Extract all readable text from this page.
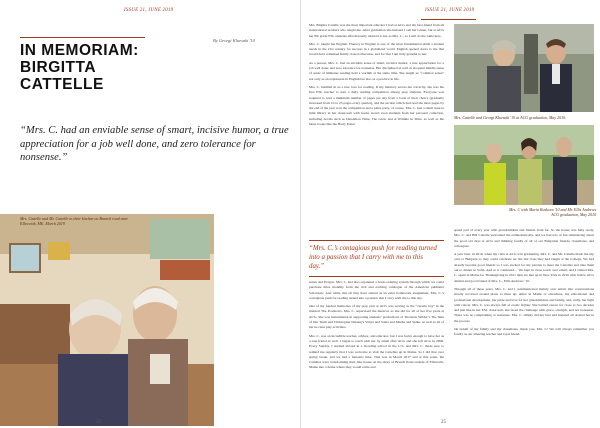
ISSUE 21, JUNE 2019
By Georgi Kluesnki '10
IN MEMORIAM: BIRGITTA CATTELLE
“Mrs. C. had an enviable sense of smart, incisive humor, a true appreciation for a job well done, and zero tolerance for nonsense.”
Mrs. Cattelle and Mr. Cattelle in their kitchen on Branch road near Ellsworth, ME, March 2019
24
ISSUE 21, JUNE 2019

Mrs. Birgitta Cattelle was the most important educator I had at ACG and my best friend from all international teachers who taught me. After graduation she insisted I call her Gitten, but at ACG her 8th grade ESL students affectionately referred to her as Mrs. C., so I will do the same here.

Mrs. C. taught me English. Fluency in English is one of the most fundamental skills a student needs in the 21st century for success in a globalized world. English opened doors to me that would have remained firmly closed otherwise, and for that I am truly grateful to her.

As a person, Mrs. C. had an enviable sense of smart, incisive humor, a true appreciation for a job well done, and zero tolerance for nonsense. Her disciplined as well as eloquent middle sense of sense of immense reading held a warmth at the same time. She taught us “common sense” not only as an expression in English but also as a practice in life.

Mrs. C. instilled in us a true love for reading. If my memory serves me correctly, she was the first ESL teacher to start a daily reading competition among prep students. Everyone was required to read a minimum number of pages per day from a book of their choice (gradually increased from 10 to 25 pages every quarter), and the section which had read the most pages by the end of the year won the competition and a pizza party, of course. Mrs. C. had a small reserve mini library in her classroom with books stored even students from her personal collection, including novels such as Dandelion Wine, The Giver and A Wrinkle in Time, as well as the latest books like the Harry Potter

Mrs. Cattelle and Georgi Kluesnki '10 at ACG graduation, May 2010.
Mrs. C with Maria Ruskova '10 and Mr. Ellis Andrews ACG graduation, May 2010

spend part of every year with grandchildren and friends from far. So the house was fully ready, Mrs. C. and Bill Cattelle welcomed me enthusiastically, and we had lots of fun reminiscing about the good old days at ACG and thinking fondly of all of our Bulgarian friends, classmates, and colleagues.

A year later, in 2010, when my class at ACG was graduating, Mrs. C. and Mr. Cattelle made the trip over to Bulgaria so they could celebrate us: the last class they had taught at the College. We had already become good friends so I was excited for my parents to meet the Cattelles and take them out to dinner in Sofia. And so it continued… We kept in close touch over email, and I visited Mrs. C. again in Maine for Thanksgiving in 2011 then we met up in New York in 2016 with fellow ACG alumni and good friend of Mrs. C., Ellis Andrews ’10.

Through all of these years, Mrs. C. and I communicated mainly over email. Our conversations mostly revolved around plans to meet up, either in Maine or elsewhere, my educational and professional development, her pride and love for her grandchildren and family, and, sadly, her fight with cancer. Mrs. C. was always full of exotic fighter. She battled cancer for close to two decades and just like in her ESL classroom, she faced the challenge with grace, strength, and not nonsense. There was no complaining or nonsense. Mrs. C. simply did her best and inspired all around her in the process.

On behalf of my family and my classmates, thank you, Mrs. C! We will always remember you fondly as our amazing teacher and loyal friend.

“Mrs. C.’s contagious push for reading turned into a passion that I carry with me to this day.”

series and Eragon. Mrs. C. had also organized a book-ordering system through which we could purchase titles monthly from the rich and exciting catalogue of the American publisher Scholastic. And while this all may have started as an extra homework assignment, Mrs. C.’s contagious push for reading turned into a passion that I carry with me to this day.

One of my fondest memories of my prep year at ACG was serving as the “curtain boy” in the musical The Producers. Mrs. C. supervised the musical, as she did for all of her five years at ACG. She was instrumental in supporting students’ productions of Thornton Wilder’s The Skin of Our Teeth and Christopher Durang’s Vanya and Sonia and Masha and Spike, as well as all of her in-class play activities.

Mrs. C. was an incredible teacher, advisor, and educator, but I was lucky enough to have her as a true friend as well. I began to teach with her by email after ACG and she left ACG in 2006. Every Sunday, I studied abroad in a boarding school in the U.S. and Mrs. C. made sure to remind me regularly that I was welcome to visit the Cattelles up in Maine. So I did that over spring break, and we had a fantastic time. This was in March 2017 and at that point, the Cattelles were transforming their lake house on the shore of Branch Pond outside of Ellsworth, Maine into a home where they would retire and

25
